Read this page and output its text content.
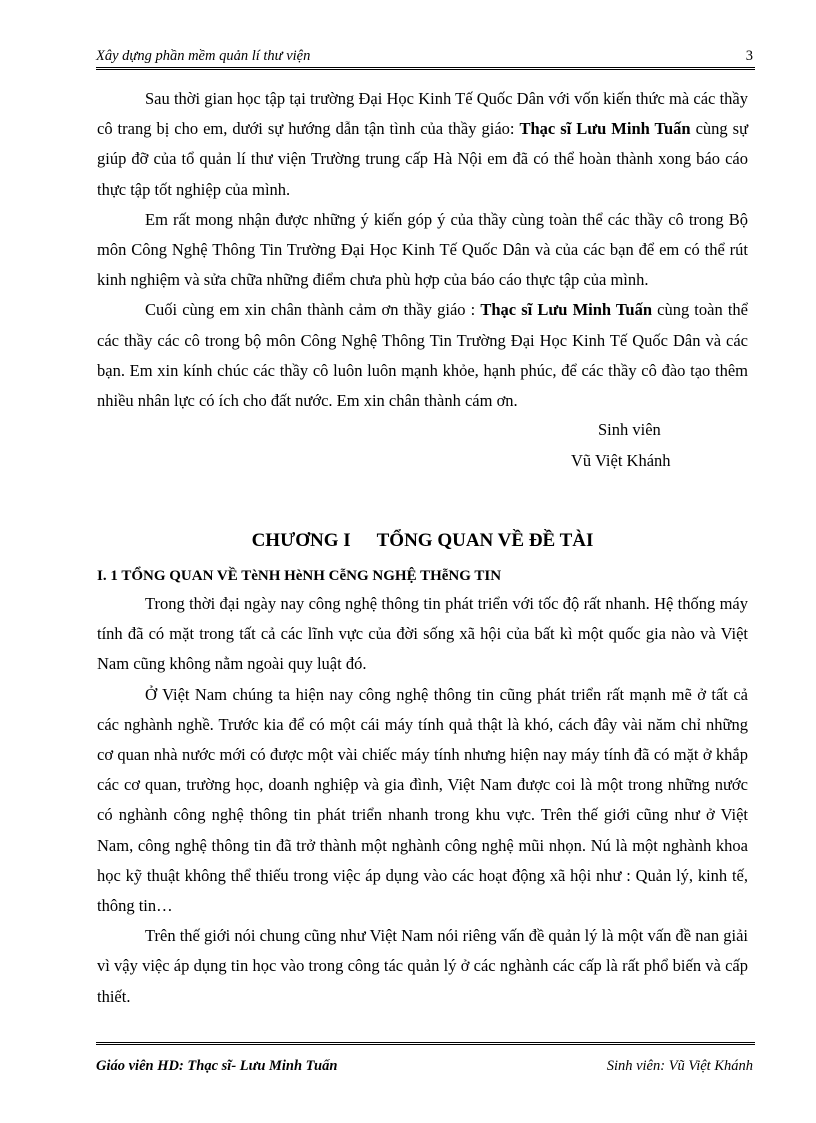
Xây dựng phần mềm quản lí thư viện	3

Sau thời gian học tập tại trường Đại Học Kinh Tế Quốc Dân với vốn kiến thức mà các thầy cô trang bị cho em, dưới sự hướng dẫn tận tình của thầy giáo: Thạc sĩ Lưu Minh Tuấn cùng sự giúp đỡ của tổ quản lí thư viện Trường trung cấp Hà Nội em đã có thể hoàn thành xong báo cáo thực tập tốt nghiệp của mình.

Em rất mong nhận được những ý kiến góp ý của thầy cùng toàn thể các thầy cô trong Bộ môn Công Nghệ Thông Tin Trường Đại Học Kinh Tế Quốc Dân và của các bạn để em có thể rút kinh nghiệm và sửa chữa những điểm chưa phù hợp của báo cáo thực tập của mình.

Cuối cùng em xin chân thành cảm ơn thầy giáo : Thạc sĩ Lưu Minh Tuấn cùng toàn thể các thầy các cô trong bộ môn Công Nghệ Thông Tin Trường Đại Học Kinh Tế Quốc Dân và các bạn. Em xin kính chúc các thầy cô luôn luôn mạnh khỏe, hạnh phúc, để các thầy cô đào tạo thêm nhiều nhân lực có ích cho đất nước. Em xin chân thành cám ơn.

Sinh viên
Vũ Việt Khánh
CHƯƠNG I TỔNG QUAN VỀ ĐỀ TÀI
I. 1 TỔNG QUAN VỀ TèNH HèNH CễNG NGHỆ THễNG TIN

Trong thời đại ngày nay công nghệ thông tin phát triển với tốc độ rất nhanh. Hệ thống máy tính đã có mặt trong tất cả các lĩnh vực của đời sống xã hội của bất kì một quốc gia nào và Việt Nam cũng không nằm ngoài quy luật đó.

Ở Việt Nam chúng ta hiện nay công nghệ thông tin cũng phát triển rất mạnh mẽ ở tất cả các nghành nghề. Trước kia để có một cái máy tính quả thật là khó, cách đây vài năm chỉ những cơ quan nhà nước mới có được một vài chiếc máy tính nhưng hiện nay máy tính đã có mặt ở khắp các cơ quan, trường học, doanh nghiệp và gia đình, Việt Nam được coi là một trong những nước có nghành công nghệ thông tin phát triển nhanh trong khu vực. Trên thế giới cũng như ở Việt Nam, công nghệ thông tin đã trở thành một nghành công nghệ mũi nhọn. Nú là một nghành khoa học kỹ thuật không thể thiếu trong việc áp dụng vào các hoạt động xã hội như : Quản lý, kinh tế, thông tin…

Trên thế giới nói chung cũng như Việt Nam nói riêng vấn đề quản lý là một vấn đề nan giải vì vậy việc áp dụng tin học vào trong công tác quản lý ở các nghành các cấp là rất phổ biến và cấp thiết.

Giáo viên HD: Thạc sĩ- Lưu Minh Tuấn	Sinh viên: Vũ Việt Khánh
